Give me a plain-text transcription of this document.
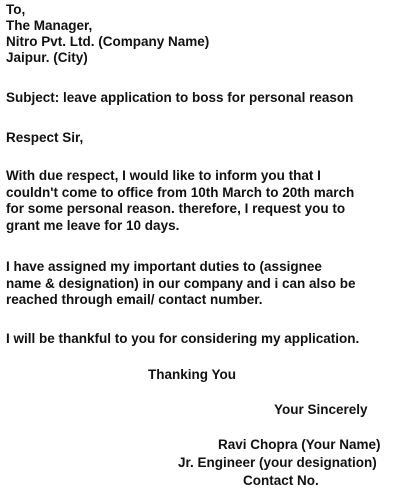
To,
The Manager,
Nitro Pvt. Ltd. (Company Name)
Jaipur. (City)
Subject: leave application to boss for personal reason
Respect Sir,
With due respect, I would like to inform you that I
couldn't come to office from 10th March to 20th march
for some personal reason. therefore, I request you to
grant me leave for 10 days.
I have assigned my important duties to (assignee
name & designation) in our company and i can also be
reached through email/ contact number.
I will be thankful to you for considering my application.
Thanking You
Your Sincerely
Ravi Chopra (Your Name)
Jr. Engineer (your designation)
Contact No.
